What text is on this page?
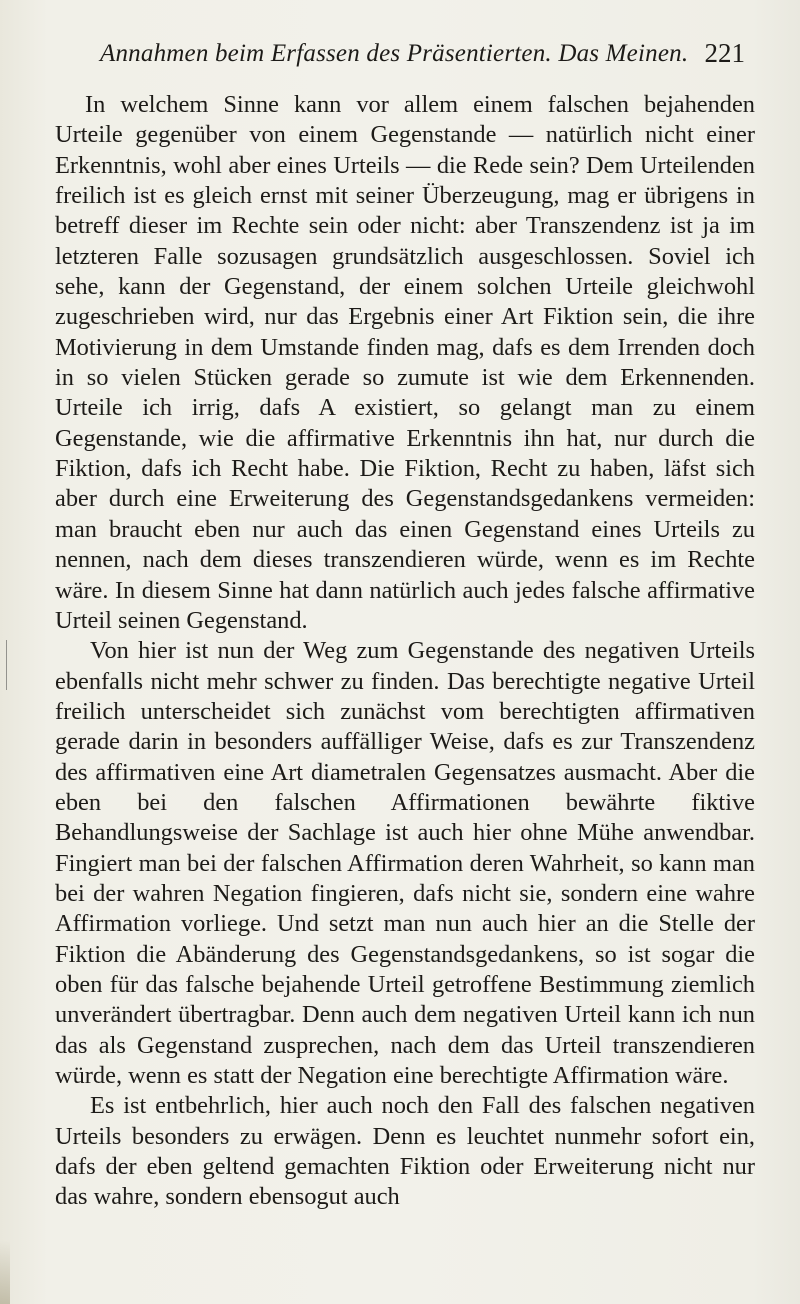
Annahmen beim Erfassen des Präsentierten. Das Meinen. 221

In welchem Sinne kann vor allem einem falschen bejahenden Urteile gegenüber von einem Gegenstande — natürlich nicht einer Erkenntnis, wohl aber eines Urteils — die Rede sein? Dem Urteilenden freilich ist es gleich ernst mit seiner Überzeugung, mag er übrigens in betreff dieser im Rechte sein oder nicht: aber Transzendenz ist ja im letzteren Falle sozusagen grundsätzlich ausgeschlossen. Soviel ich sehe, kann der Gegenstand, der einem solchen Urteile gleichwohl zugeschrieben wird, nur das Ergebnis einer Art Fiktion sein, die ihre Motivierung in dem Umstande finden mag, dafs es dem Irrenden doch in so vielen Stücken gerade so zumute ist wie dem Erkennenden. Urteile ich irrig, dafs A existiert, so gelangt man zu einem Gegenstande, wie die affirmative Erkenntnis ihn hat, nur durch die Fiktion, dafs ich Recht habe. Die Fiktion, Recht zu haben, läfst sich aber durch eine Erweiterung des Gegenstandsgedankens vermeiden: man braucht eben nur auch das einen Gegenstand eines Urteils zu nennen, nach dem dieses transzendieren würde, wenn es im Rechte wäre. In diesem Sinne hat dann natürlich auch jedes falsche affirmative Urteil seinen Gegenstand.

Von hier ist nun der Weg zum Gegenstande des negativen Urteils ebenfalls nicht mehr schwer zu finden. Das berechtigte negative Urteil freilich unterscheidet sich zunächst vom berechtigten affirmativen gerade darin in besonders auffälliger Weise, dafs es zur Transzendenz des affirmativen eine Art diametralen Gegensatzes ausmacht. Aber die eben bei den falschen Affirmationen bewährte fiktive Behandlungsweise der Sachlage ist auch hier ohne Mühe anwendbar. Fingiert man bei der falschen Affirmation deren Wahrheit, so kann man bei der wahren Negation fingieren, dafs nicht sie, sondern eine wahre Affirmation vorliege. Und setzt man nun auch hier an die Stelle der Fiktion die Abänderung des Gegenstandsgedankens, so ist sogar die oben für das falsche bejahende Urteil getroffene Bestimmung ziemlich unverändert übertragbar. Denn auch dem negativen Urteil kann ich nun das als Gegenstand zusprechen, nach dem das Urteil transzendieren würde, wenn es statt der Negation eine berechtigte Affirmation wäre.

Es ist entbehrlich, hier auch noch den Fall des falschen negativen Urteils besonders zu erwägen. Denn es leuchtet nunmehr sofort ein, dafs der eben geltend gemachten Fiktion oder Erweiterung nicht nur das wahre, sondern ebensogut auch
